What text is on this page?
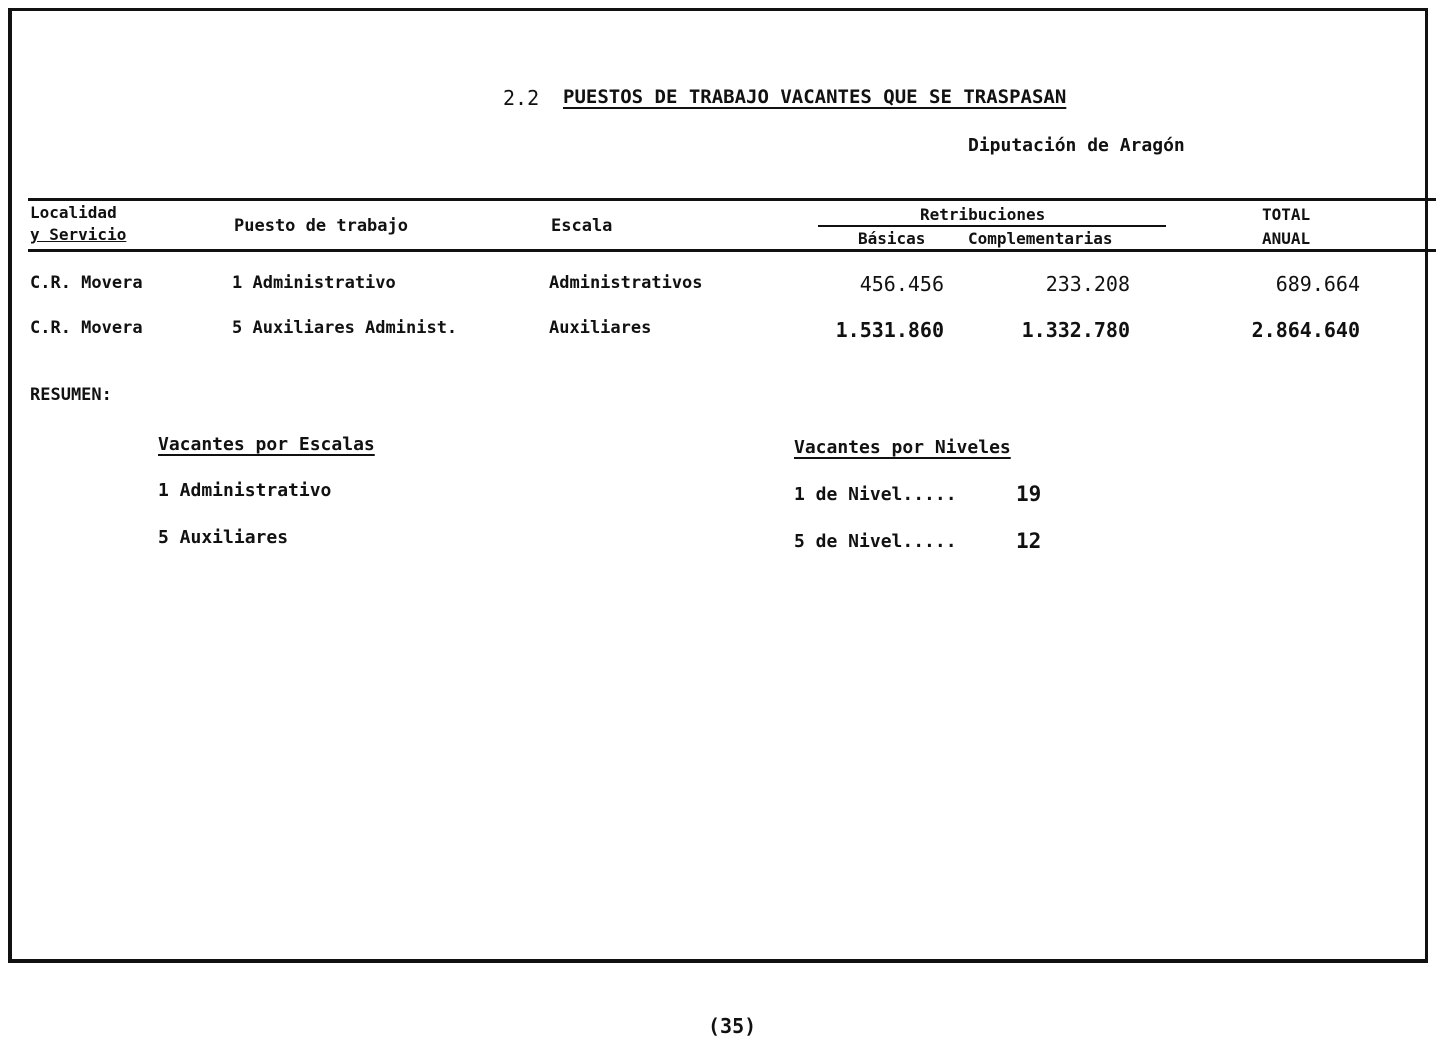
2.2 PUESTOS DE TRABAJO VACANTES QUE SE TRASPASAN
Diputación de Aragón
Localidad
y Servicio	Puesto de trabajo	Escala
Retribuciones
Básicas	Complementarias
TOTAL
ANUAL
C.R. Movera	1 Administrativo	Administrativos	456.456	233.208	689.664
C.R. Movera	5 Auxiliares Administ.	Auxiliares	1.531.860	1.332.780	2.864.640
RESUMEN:
Vacantes por Escalas
1 Administrativo
5 Auxiliares
Vacantes por Niveles
1 de Nivel.....	19
5 de Nivel.....	12
(35)
